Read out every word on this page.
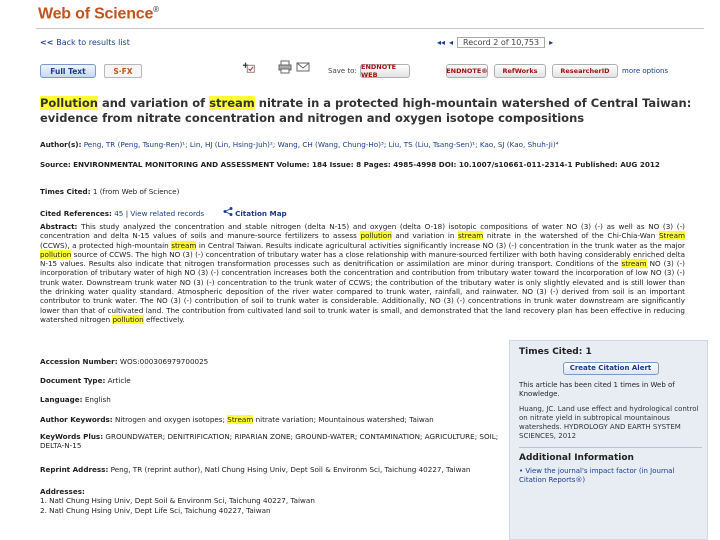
Web of Science®
<< Back to results list	◂◂ ◂	Record 2 of 10,753	▸
Full Text	S·FX	Save to: ENDNOTE WEB	ENDNOTE® RefWorks	ResearcherID more options
Pollution and variation of stream nitrate in a protected high-mountain watershed of Central Taiwan: evidence from nitrate concentration and nitrogen and oxygen isotope compositions
Author(s): Peng, TR (Peng, Tsung-Ren)¹; Lin, HJ (Lin, Hsing-Juh)²; Wang, CH (Wang, Chung-Ho)³; Liu, TS (Liu, Tsang-Sen)¹; Kao, SJ (Kao, Shuh-Ji)⁴
Source: ENVIRONMENTAL MONITORING AND ASSESSMENT Volume: 184 Issue: 8 Pages: 4985-4998 DOI: 10.1007/s10661-011-2314-1 Published: AUG 2012
Times Cited: 1 (from Web of Science)
Cited References: 45 | View related records	Citation Map
Abstract: This study analyzed the concentration and stable nitrogen (delta N-15) and oxygen (delta O-18) isotopic compositions of water NO (3) (-) as well as NO (3) (-) concentration and delta N-15 values of soils and manure-source fertilizers to assess pollution and variation in stream nitrate in the watershed of the Chi-Chia-Wan Stream (CCWS), a protected high-mountain stream in Central Taiwan. Results indicate agricultural activities significantly increase NO (3) (-) concentration in the trunk water as the major pollution source of CCWS. The high NO (3) (-) concentration of tributary water has a close relationship with manure-sourced fertilizer with both having considerably enriched delta N-15 values. Results also indicate that nitrogen transformation processes such as denitrification or assimilation are minor during transport. Conditions of the stream NO (3) (-) incorporation of tributary water of high NO (3) (-) concentration increases both the concentration and contribution from tributary water toward the incorporation of low NO (3) (-) trunk water. Downstream trunk water NO (3) (-) concentration to the trunk water of CCWS; the contribution of the tributary water is only slightly elevated and is still lower than the drinking water quality standard. Atmospheric deposition of the river water compared to trunk water, rainfall, and rainwater. NO (3) (-) derived from soil is an important contributor to trunk water. The NO (3) (-) contribution of soil to trunk water is considerable. Additionally, NO (3) (-) concentrations in trunk water downstream are significantly lower than that of cultivated land. The contribution from cultivated land soil to trunk water is small, and demonstrated that the land recovery plan has been effective in reducing watershed nitrogen pollution effectively.
Accession Number: WOS:000306979700025
Document Type: Article
Language: English
Author Keywords: Nitrogen and oxygen isotopes; Stream nitrate variation; Mountainous watershed; Taiwan
KeyWords Plus: GROUNDWATER; DENITRIFICATION; RIPARIAN ZONE; GROUND-WATER; CONTAMINATION; AGRICULTURE; SOIL; DELTA-N-15
Reprint Address: Peng, TR (reprint author), Natl Chung Hsing Univ, Dept Soil & Environm Sci, Taichung 40227, Taiwan
Addresses:
1. Natl Chung Hsing Univ, Dept Soil & Environm Sci, Taichung 40227, Taiwan
2. Natl Chung Hsing Univ, Dept Life Sci, Taichung 40227, Taiwan
Times Cited: 1
Create Citation Alert

This article has been cited 1 times in Web of Knowledge.

Huang, JC. Land use effect and hydrological control on nitrate yield in subtropical mountainous watersheds. HYDROLOGY AND EARTH SYSTEM SCIENCES, 2012

Additional Information

• View the journal's impact factor (in Journal Citation Reports®)
